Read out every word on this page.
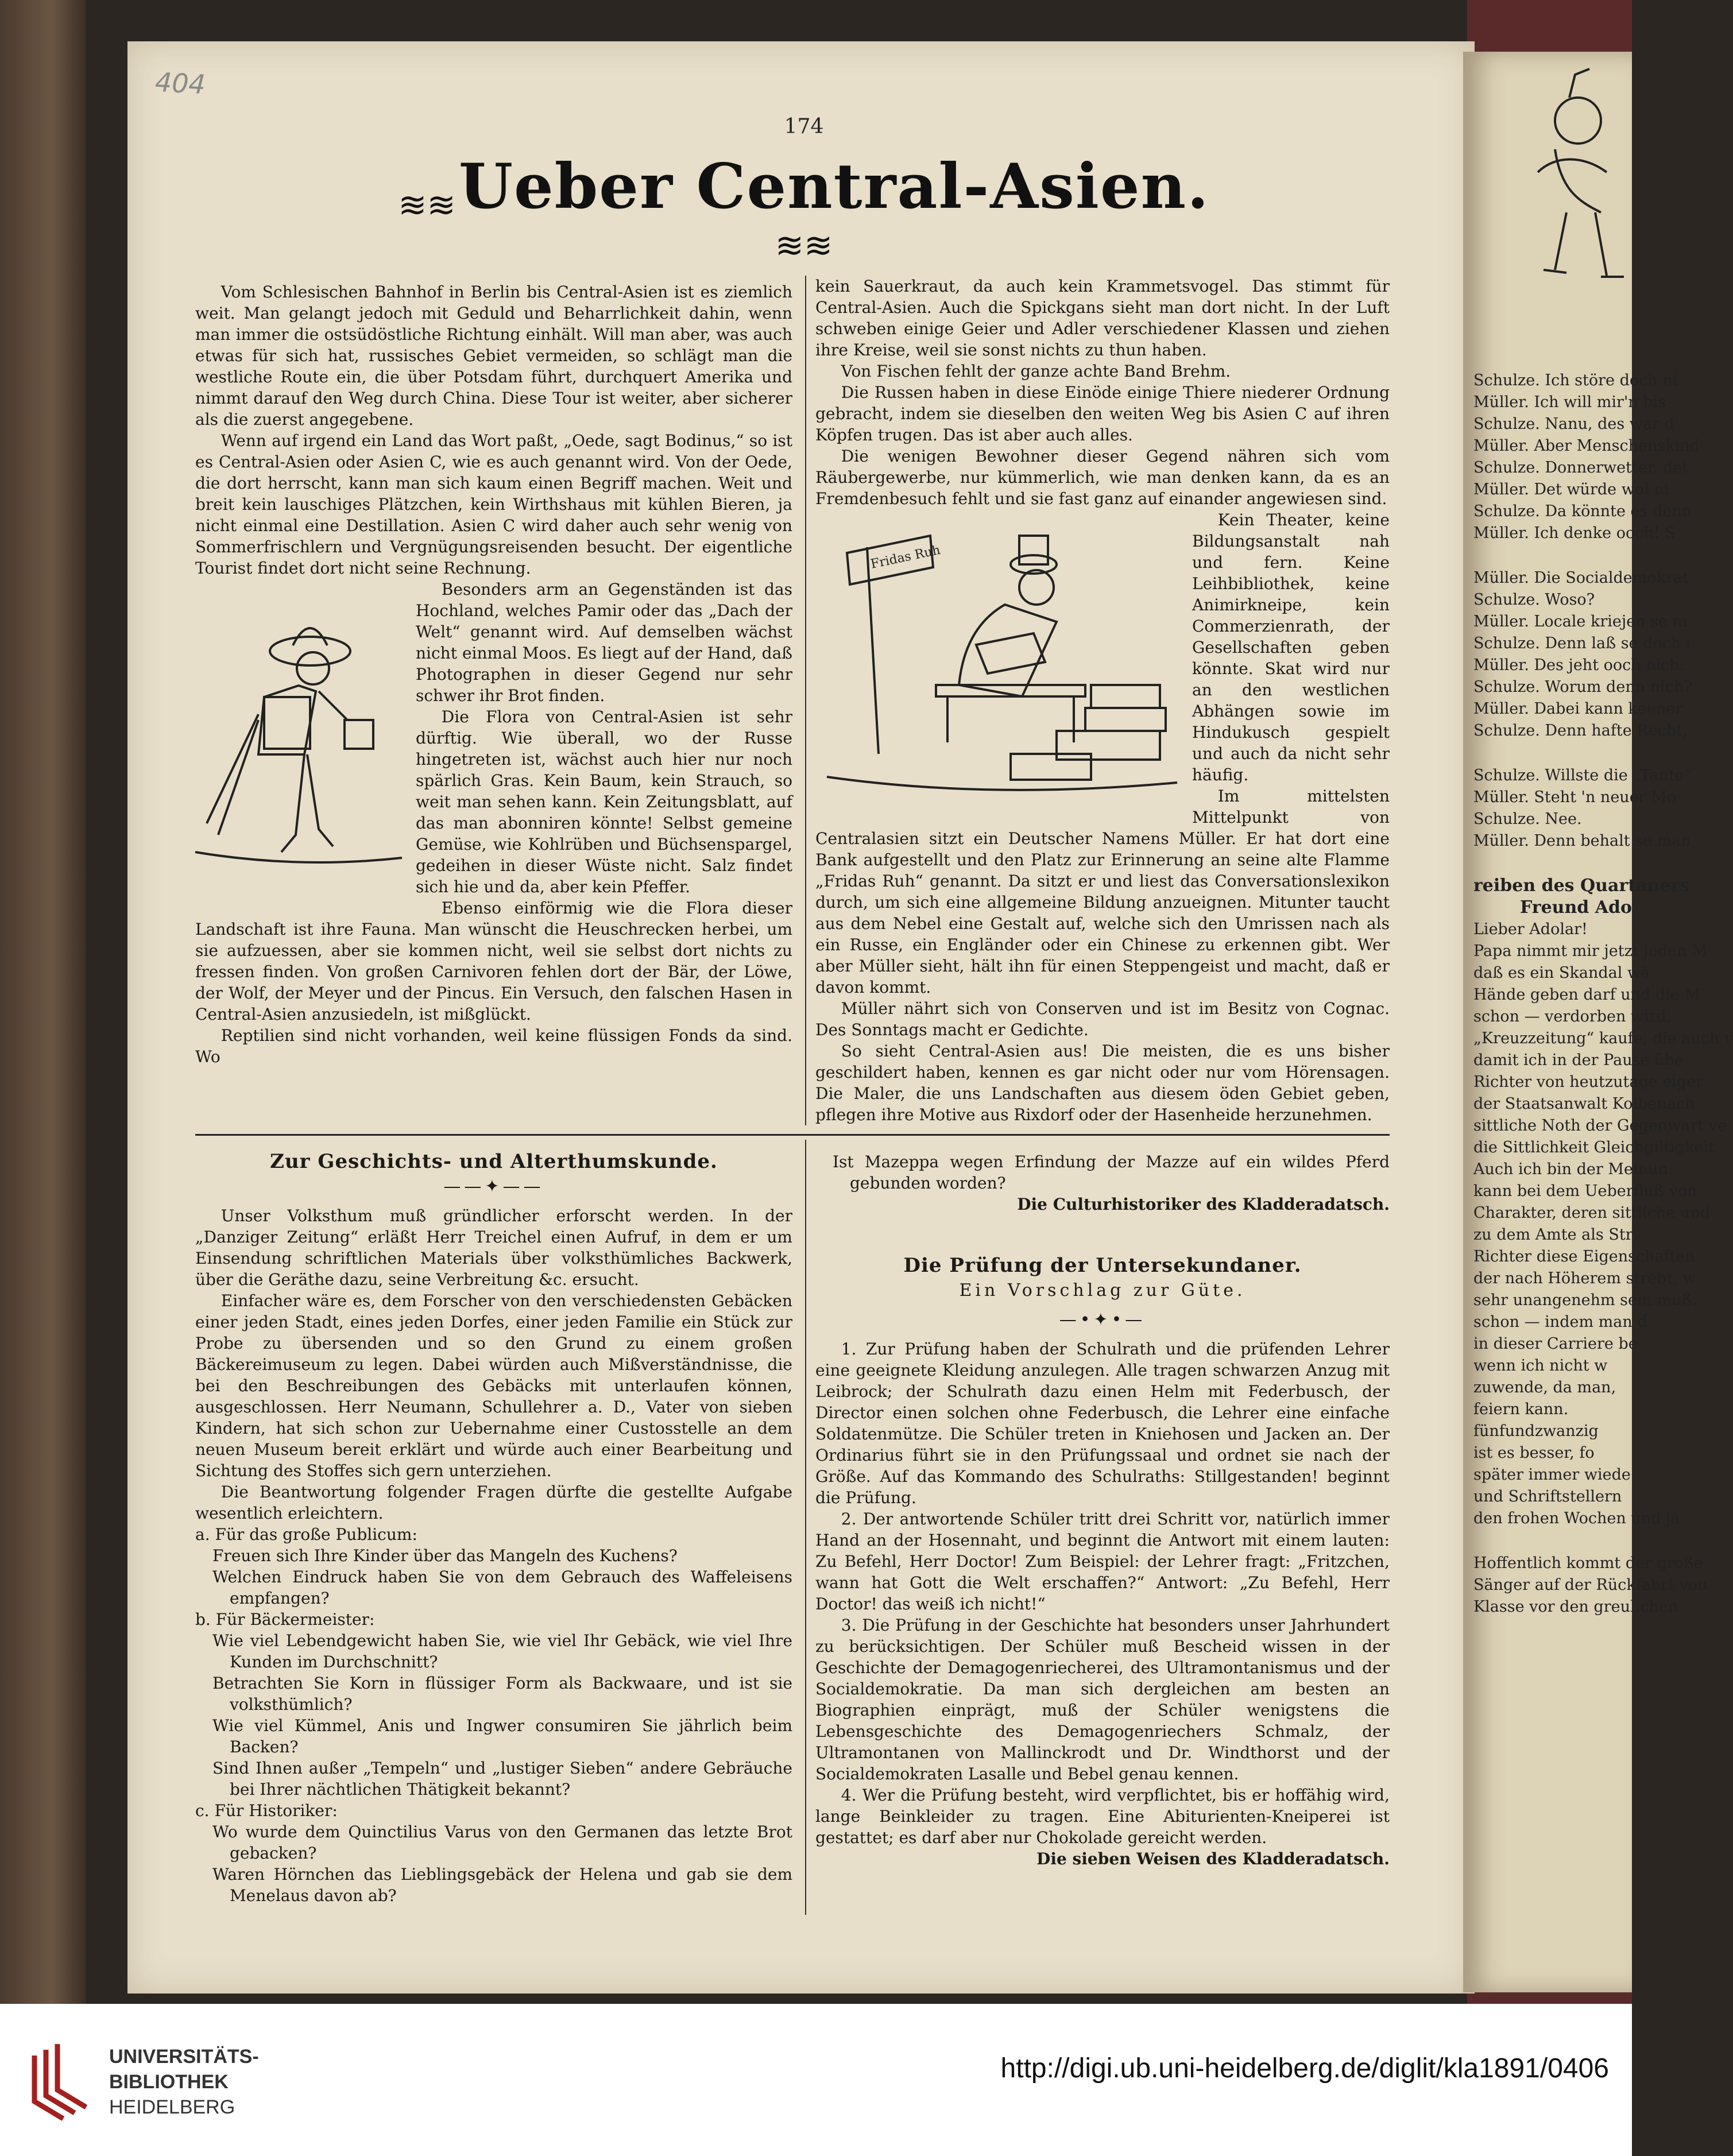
Schulze. Ich störe doch ni

Müller. Ich will mir'n bis

Schulze. Nanu, des war d

Müller. Aber Menschenskind

Schulze. Donnerwetter, det

Müller. Det würde wol ni

Schulze. Da könnte es denn

Müller. Ich denke ooch! S

Müller. Die Socialdemokrat

Schulze. Woso?

Müller. Locale kriejen se ni

Schulze. Denn laß se doch i

Müller. Des jeht ooch nich.

Schulze. Worum denn nich?

Müller. Dabei kann keener

Schulze. Denn hafte Recht,

Schulze. Willste die „Tante“

Müller. Steht 'n neuer Mo

Schulze. Nee.

Müller. Denn behalt se man

reiben des Quartaners

Freund Ado

Lieber Adolar!

Papa nimmt mir jetzt jeden M

daß es ein Skandal wä

Hände geben darf und die M

schon — verdorben wird,

„Kreuzzeitung“ kaufe, die auch v

damit ich in der Pause übe

Richter von heutzutage eiger

der Staatsanwalt Kolbenach

sittliche Noth der Gegenwart ve

die Sittlichkeit Gleichgiltigkeit

Auch ich bin der Meinun

kann bei dem Ueberfluß von

Charakter, deren sittliche und

zu dem Amte als Str

Richter diese Eigenschaften

der nach Höherem strebt, w

sehr unangenehm sein muß.

schon — indem man d

in dieser Carriere be

wenn ich nicht w

zuwende, da man,

feiern kann.

fünfundzwanzig

ist es besser, fo

später immer wiede

und Schriftstellern

den frohen Wochen und ja

Hoffentlich kommt der große

Sänger auf der Rückfahrt von

Klasse vor den greulichen

404
174
≋≋ Ueber Central-Asien. ≋≋

Vom Schlesischen Bahnhof in Berlin bis Central-Asien ist es ziemlich weit. Man gelangt jedoch mit Geduld und Beharrlichkeit dahin, wenn man immer die ostsüdöstliche Richtung einhält. Will man aber, was auch etwas für sich hat, russisches Gebiet vermeiden, so schlägt man die westliche Route ein, die über Potsdam führt, durchquert Amerika und nimmt darauf den Weg durch China. Diese Tour ist weiter, aber sicherer als die zuerst angegebene.

Wenn auf irgend ein Land das Wort paßt, „Oede, sagt Bodinus,“ so ist es Central-Asien oder Asien C, wie es auch genannt wird. Von der Oede, die dort herrscht, kann man sich kaum einen Begriff machen. Weit und breit kein lauschiges Plätzchen, kein Wirthshaus mit kühlen Bieren, ja nicht einmal eine Destillation. Asien C wird daher auch sehr wenig von Sommerfrischlern und Vergnügungsreisenden besucht. Der eigentliche Tourist findet dort nicht seine Rechnung.

Besonders arm an Gegenständen ist das Hochland, welches Pamir oder das „Dach der Welt“ genannt wird. Auf demselben wächst nicht einmal Moos. Es liegt auf der Hand, daß Photographen in dieser Gegend nur sehr schwer ihr Brot finden.

Die Flora von Central-Asien ist sehr dürftig. Wie überall, wo der Russe hingetreten ist, wächst auch hier nur noch spärlich Gras. Kein Baum, kein Strauch, so weit man sehen kann. Kein Zeitungsblatt, auf das man abonniren könnte! Selbst gemeine Gemüse, wie Kohlrüben und Büchsenspargel, gedeihen in dieser Wüste nicht. Salz findet sich hie und da, aber kein Pfeffer.

Ebenso einförmig wie die Flora dieser Landschaft ist ihre Fauna. Man wünscht die Heuschrecken herbei, um sie aufzuessen, aber sie kommen nicht, weil sie selbst dort nichts zu fressen finden. Von großen Carnivoren fehlen dort der Bär, der Löwe, der Wolf, der Meyer und der Pincus. Ein Versuch, den falschen Hasen in Central-Asien anzusiedeln, ist mißglückt.

Reptilien sind nicht vorhanden, weil keine flüssigen Fonds da sind. Wo

kein Sauerkraut, da auch kein Krammetsvogel. Das stimmt für Central-Asien. Auch die Spickgans sieht man dort nicht. In der Luft schweben einige Geier und Adler verschiedener Klassen und ziehen ihre Kreise, weil sie sonst nichts zu thun haben.

Von Fischen fehlt der ganze achte Band Brehm.

Die Russen haben in diese Einöde einige Thiere niederer Ordnung gebracht, indem sie dieselben den weiten Weg bis Asien C auf ihren Köpfen trugen. Das ist aber auch alles.

Die wenigen Bewohner dieser Gegend nähren sich vom Räubergewerbe, nur kümmerlich, wie man denken kann, da es an Fremdenbesuch fehlt und sie fast ganz auf einander angewiesen sind.

Fridas Ruh

Kein Theater, keine Bildungsanstalt nah und fern. Keine Leihbibliothek, keine Animirkneipe, kein Commerzienrath, der Gesellschaften geben könnte. Skat wird nur an den westlichen Abhängen sowie im Hindukusch gespielt und auch da nicht sehr häufig.

Im mittelsten Mittelpunkt von Centralasien sitzt ein Deutscher Namens Müller. Er hat dort eine Bank aufgestellt und den Platz zur Erinnerung an seine alte Flamme „Fridas Ruh“ genannt. Da sitzt er und liest das Conversationslexikon durch, um sich eine allgemeine Bildung anzueignen. Mitunter taucht aus dem Nebel eine Gestalt auf, welche sich den Umrissen nach als ein Russe, ein Engländer oder ein Chinese zu erkennen gibt. Wer aber Müller sieht, hält ihn für einen Steppengeist und macht, daß er davon kommt.

Müller nährt sich von Conserven und ist im Besitz von Cognac. Des Sonntags macht er Gedichte.

So sieht Central-Asien aus! Die meisten, die es uns bisher geschildert haben, kennen es gar nicht oder nur vom Hörensagen. Die Maler, die uns Landschaften aus diesem öden Gebiet geben, pflegen ihre Motive aus Rixdorf oder der Hasenheide herzunehmen.

Zur Geschichts- und Alterthumskunde.
——✦——

Unser Volksthum muß gründlicher erforscht werden. In der „Danziger Zeitung“ erläßt Herr Treichel einen Aufruf, in dem er um Einsendung schriftlichen Materials über volksthümliches Backwerk, über die Geräthe dazu, seine Verbreitung &c. ersucht.

Einfacher wäre es, dem Forscher von den verschiedensten Gebäcken einer jeden Stadt, eines jeden Dorfes, einer jeden Familie ein Stück zur Probe zu übersenden und so den Grund zu einem großen Bäckereimuseum zu legen. Dabei würden auch Mißverständnisse, die bei den Beschreibungen des Gebäcks mit unterlaufen können, ausgeschlossen. Herr Neumann, Schullehrer a. D., Vater von sieben Kindern, hat sich schon zur Uebernahme einer Custosstelle an dem neuen Museum bereit erklärt und würde auch einer Bearbeitung und Sichtung des Stoffes sich gern unterziehen.

Die Beantwortung folgender Fragen dürfte die gestellte Aufgabe wesentlich erleichtern.

a. Für das große Publicum:

Freuen sich Ihre Kinder über das Mangeln des Kuchens?

Welchen Eindruck haben Sie von dem Gebrauch des Waffeleisens empfangen?

b. Für Bäckermeister:

Wie viel Lebendgewicht haben Sie, wie viel Ihr Gebäck, wie viel Ihre Kunden im Durchschnitt?

Betrachten Sie Korn in flüssiger Form als Backwaare, und ist sie volksthümlich?

Wie viel Kümmel, Anis und Ingwer consumiren Sie jährlich beim Backen?

Sind Ihnen außer „Tempeln“ und „lustiger Sieben“ andere Gebräuche bei Ihrer nächtlichen Thätigkeit bekannt?

c. Für Historiker:

Wo wurde dem Quinctilius Varus von den Germanen das letzte Brot gebacken?

Waren Hörnchen das Lieblingsgebäck der Helena und gab sie dem Menelaus davon ab?

Ist Mazeppa wegen Erfindung der Mazze auf ein wildes Pferd gebunden worden?

Die Culturhistoriker des Kladderadatsch.
Die Prüfung der Untersekundaner.
Ein Vorschlag zur Güte.
—•✦•—

1. Zur Prüfung haben der Schulrath und die prüfenden Lehrer eine geeignete Kleidung anzulegen. Alle tragen schwarzen Anzug mit Leibrock; der Schulrath dazu einen Helm mit Federbusch, der Director einen solchen ohne Federbusch, die Lehrer eine einfache Soldatenmütze. Die Schüler treten in Kniehosen und Jacken an. Der Ordinarius führt sie in den Prüfungssaal und ordnet sie nach der Größe. Auf das Kommando des Schulraths: Stillgestanden! beginnt die Prüfung.

2. Der antwortende Schüler tritt drei Schritt vor, natürlich immer Hand an der Hosennaht, und beginnt die Antwort mit einem lauten: Zu Befehl, Herr Doctor! Zum Beispiel: der Lehrer fragt: „Fritzchen, wann hat Gott die Welt erschaffen?“ Antwort: „Zu Befehl, Herr Doctor! das weiß ich nicht!“

3. Die Prüfung in der Geschichte hat besonders unser Jahrhundert zu berücksichtigen. Der Schüler muß Bescheid wissen in der Geschichte der Demagogenriecherei, des Ultramontanismus und der Socialdemokratie. Da man sich dergleichen am besten an Biographien einprägt, muß der Schüler wenigstens die Lebensgeschichte des Demagogenriechers Schmalz, der Ultramontanen von Mallinckrodt und Dr. Windthorst und der Socialdemokraten Lasalle und Bebel genau kennen.

4. Wer die Prüfung besteht, wird verpflichtet, bis er hoffähig wird, lange Beinkleider zu tragen. Eine Abiturienten-Kneiperei ist gestattet; es darf aber nur Chokolade gereicht werden.

Die sieben Weisen des Kladderadatsch.
UNIVERSITÄTS-
BIBLIOTHEK
HEIDELBERG
http://digi.ub.uni-heidelberg.de/diglit/kla1891/0406
